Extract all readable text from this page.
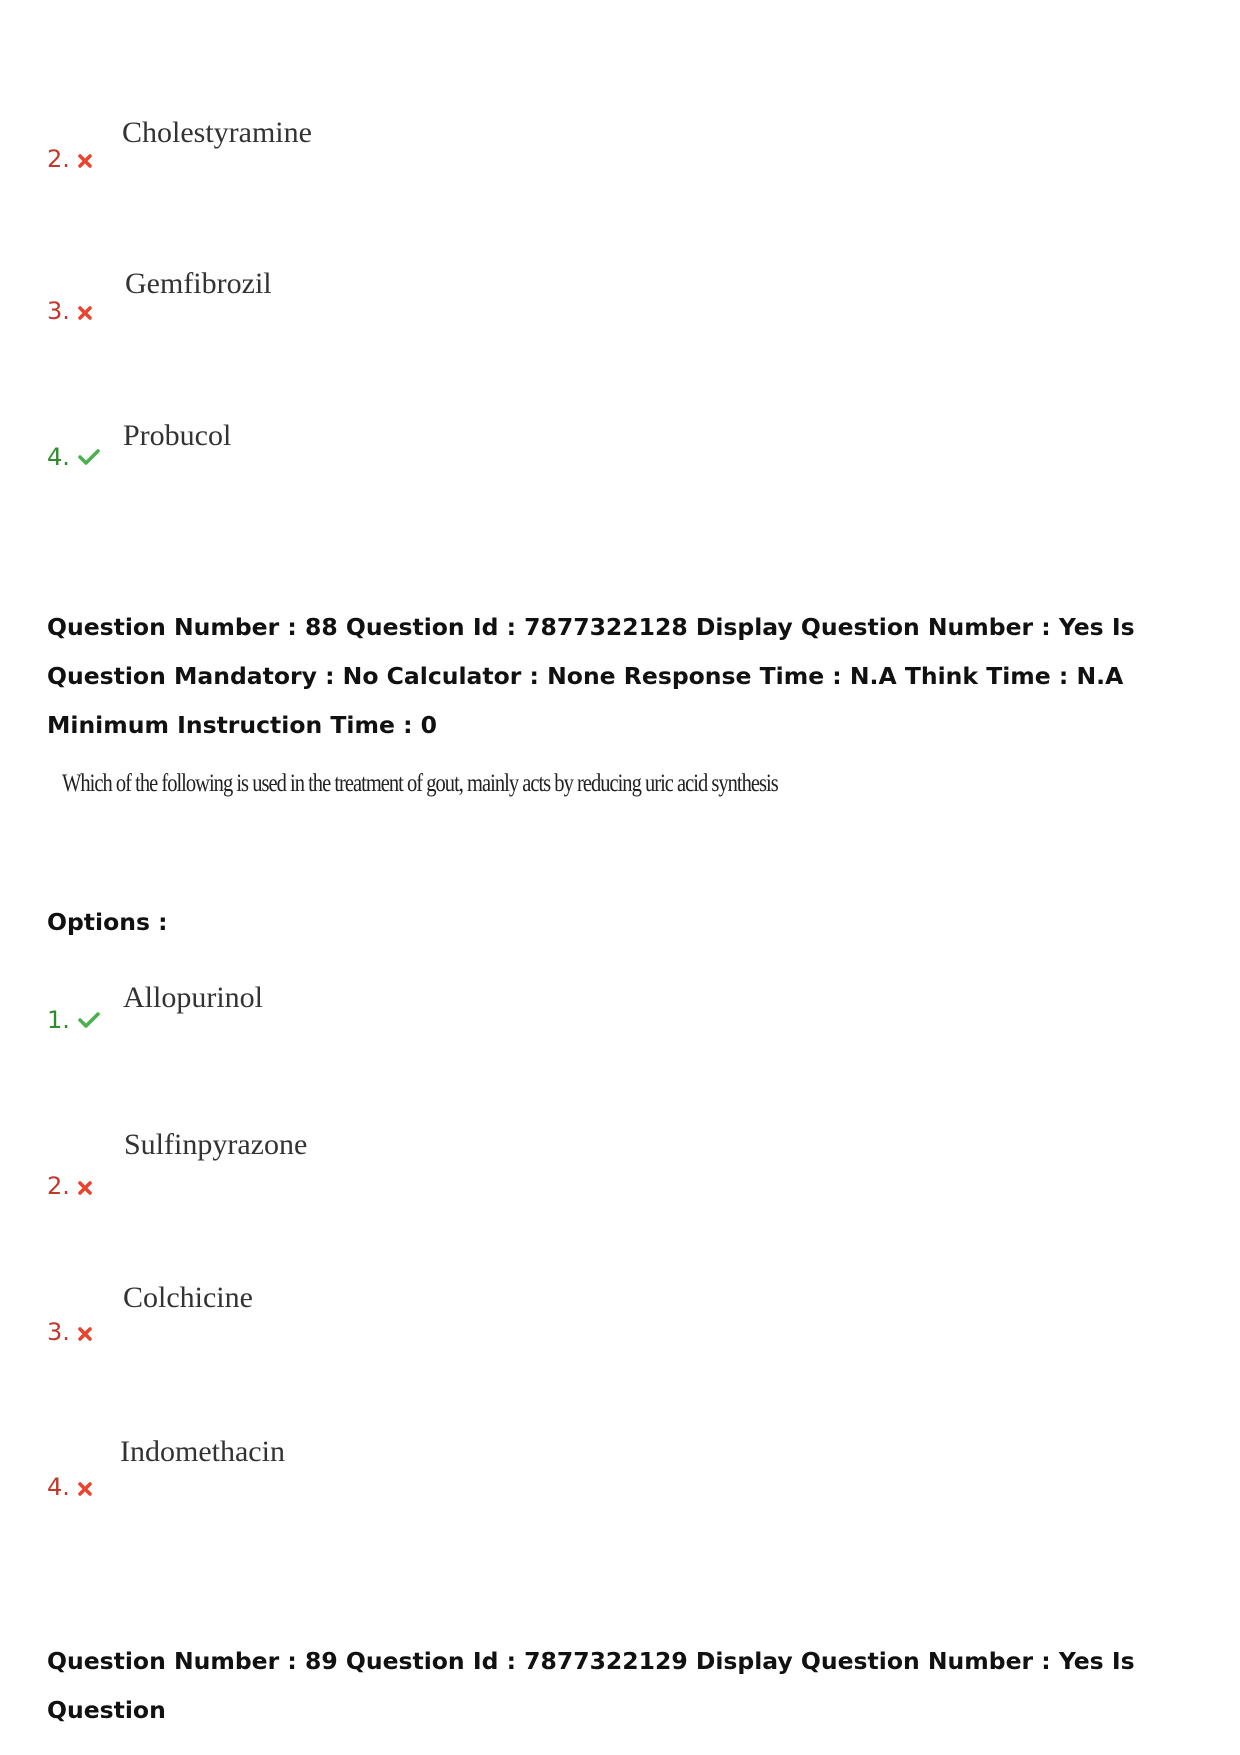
2.
Cholestyramine
3.
Gemfibrozil
4.
Probucol

Question Number : 88 Question Id : 7877322128 Display Question Number : Yes Is Question Mandatory : No Calculator : None Response Time : N.A Think Time : N.A Minimum Instruction Time : 0

Which of the following is used in the treatment of gout, mainly acts by reducing uric acid synthesis
Options :
1.
Allopurinol
2.
Sulfinpyrazone
3.
Colchicine
4.
Indomethacin

Question Number : 89 Question Id : 7877322129 Display Question Number : Yes Is Question
